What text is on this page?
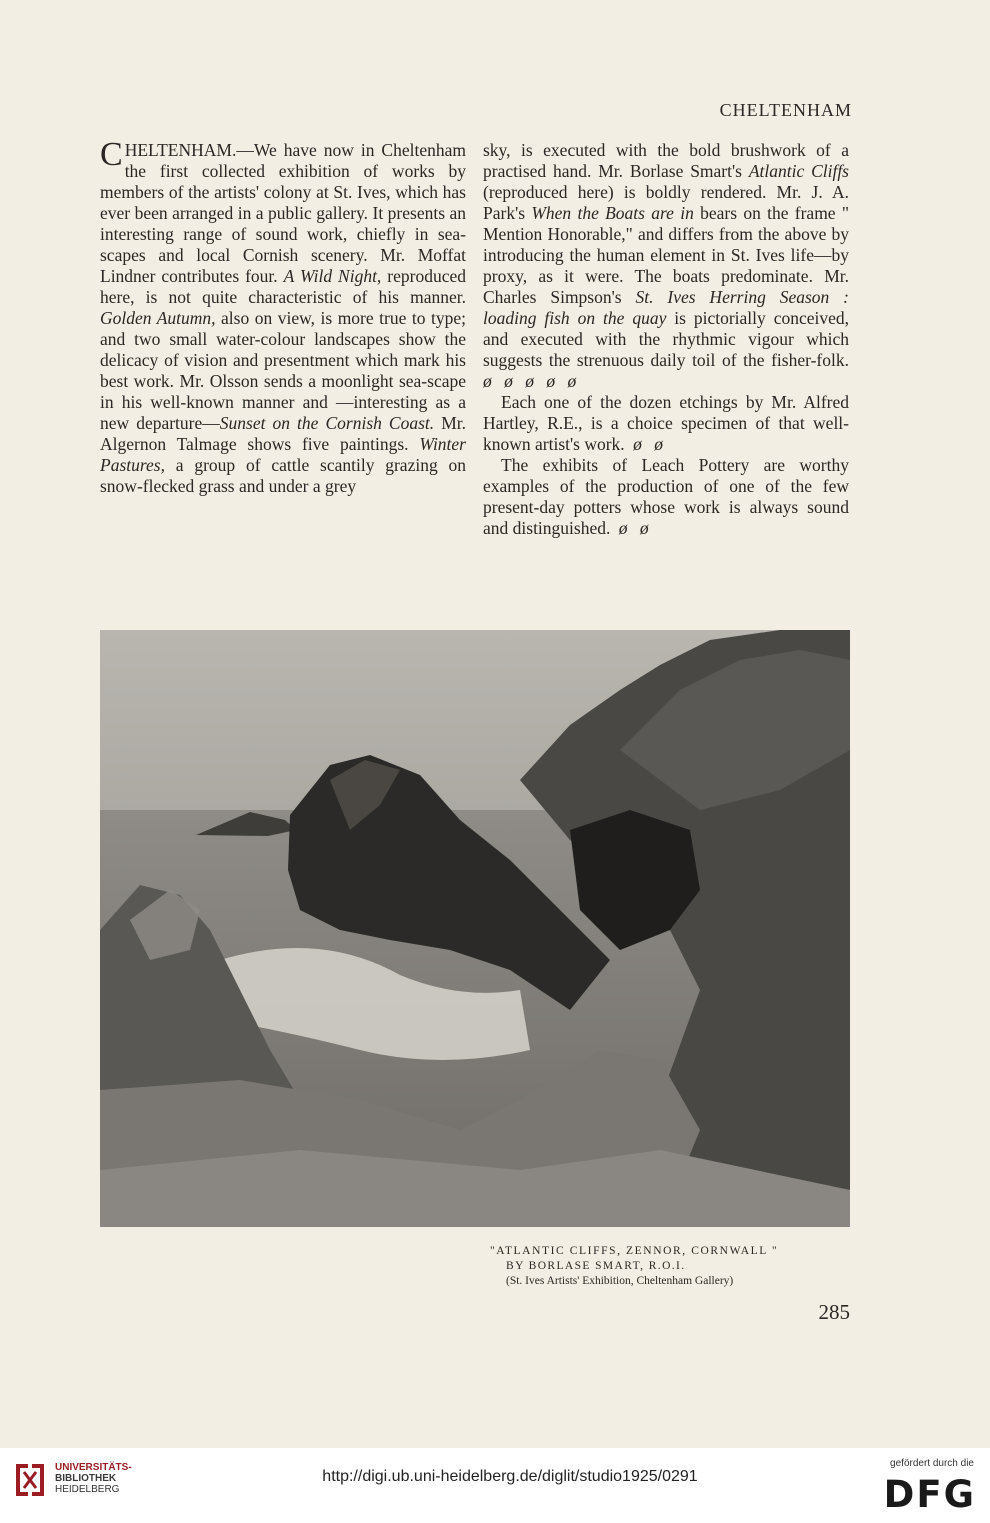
CHELTENHAM

CHELTENHAM.—We have now in Cheltenham the first collected exhibition of works by members of the artists' colony at St. Ives, which has ever been arranged in a public gallery. It presents an interesting range of sound work, chiefly in sea-scapes and local Cornish scenery. Mr. Moffat Lindner contributes four. A Wild Night, reproduced here, is not quite characteristic of his manner. Golden Autumn, also on view, is more true to type; and two small water-colour landscapes show the delicacy of vision and presentment which mark his best work. Mr. Olsson sends a moonlight sea-scape in his well-known manner and —interesting as a new departure—Sunset on the Cornish Coast. Mr. Algernon Talmage shows five paintings. Winter Pastures, a group of cattle scantily grazing on snow-flecked grass and under a grey

sky, is executed with the bold brushwork of a practised hand. Mr. Borlase Smart's Atlantic Cliffs (reproduced here) is boldly rendered. Mr. J. A. Park's When the Boats are in bears on the frame " Mention Honorable," and differs from the above by introducing the human element in St. Ives life—by proxy, as it were. The boats predominate. Mr. Charles Simpson's St. Ives Herring Season : loading fish on the quay is pictorially conceived, and executed with the rhythmic vigour which suggests the strenuous daily toil of the fisher-folk. ø ø ø ø ø

Each one of the dozen etchings by Mr. Alfred Hartley, R.E., is a choice specimen of that well-known artist's work. ø ø

The exhibits of Leach Pottery are worthy examples of the production of one of the few present-day potters whose work is always sound and distinguished. ø ø

"ATLANTIC CLIFFS, ZENNOR, CORNWALL "
BY BORLASE SMART, R.O.I.
(St. Ives Artists' Exhibition, Cheltenham Gallery)
285
UNIVERSITÄTS-
BIBLIOTHEK
HEIDELBERG
http://digi.ub.uni-heidelberg.de/diglit/studio1925/0291
gefördert durch die
DFG
